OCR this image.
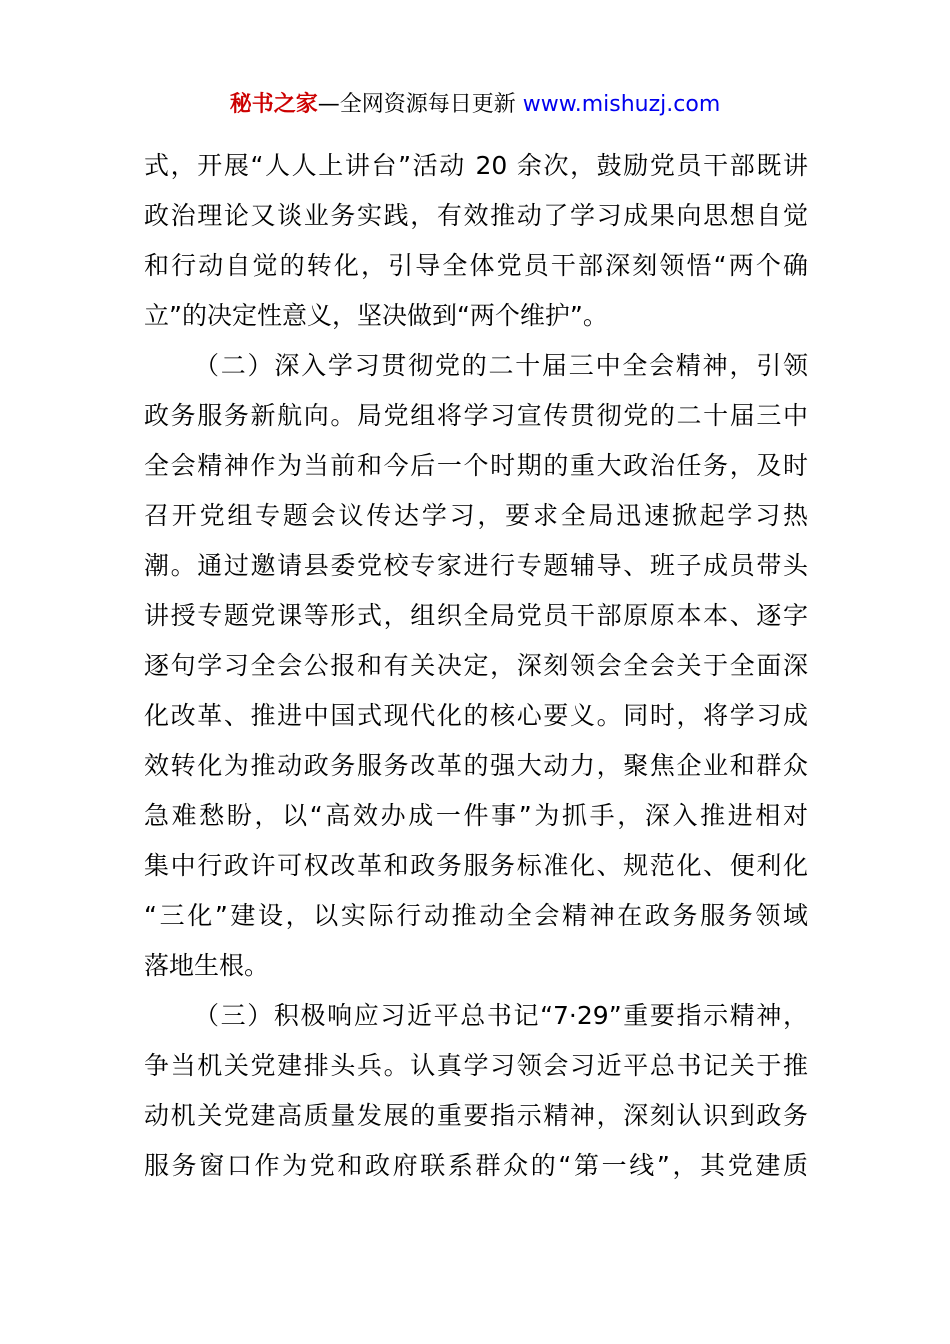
秘书之家—全网资源每日更新 www.mishuzj.com
式，开展“人人上讲台”活动 20 余次，鼓励党员干部既讲
政治理论又谈业务实践，有效推动了学习成果向思想自觉
和行动自觉的转化，引导全体党员干部深刻领悟“两个确
立”的决定性意义，坚决做到“两个维护”。
（二）深入学习贯彻党的二十届三中全会精神，引领
政务服务新航向。局党组将学习宣传贯彻党的二十届三中
全会精神作为当前和今后一个时期的重大政治任务，及时
召开党组专题会议传达学习，要求全局迅速掀起学习热
潮。通过邀请县委党校专家进行专题辅导、班子成员带头
讲授专题党课等形式，组织全局党员干部原原本本、逐字
逐句学习全会公报和有关决定，深刻领会全会关于全面深
化改革、推进中国式现代化的核心要义。同时，将学习成
效转化为推动政务服务改革的强大动力，聚焦企业和群众
急难愁盼，以“高效办成一件事”为抓手，深入推进相对
集中行政许可权改革和政务服务标准化、规范化、便利化
“三化”建设，以实际行动推动全会精神在政务服务领域
落地生根。
（三）积极响应习近平总书记“7·29”重要指示精神，
争当机关党建排头兵。认真学习领会习近平总书记关于推
动机关党建高质量发展的重要指示精神，深刻认识到政务
服务窗口作为党和政府联系群众的“第一线”，其党建质
